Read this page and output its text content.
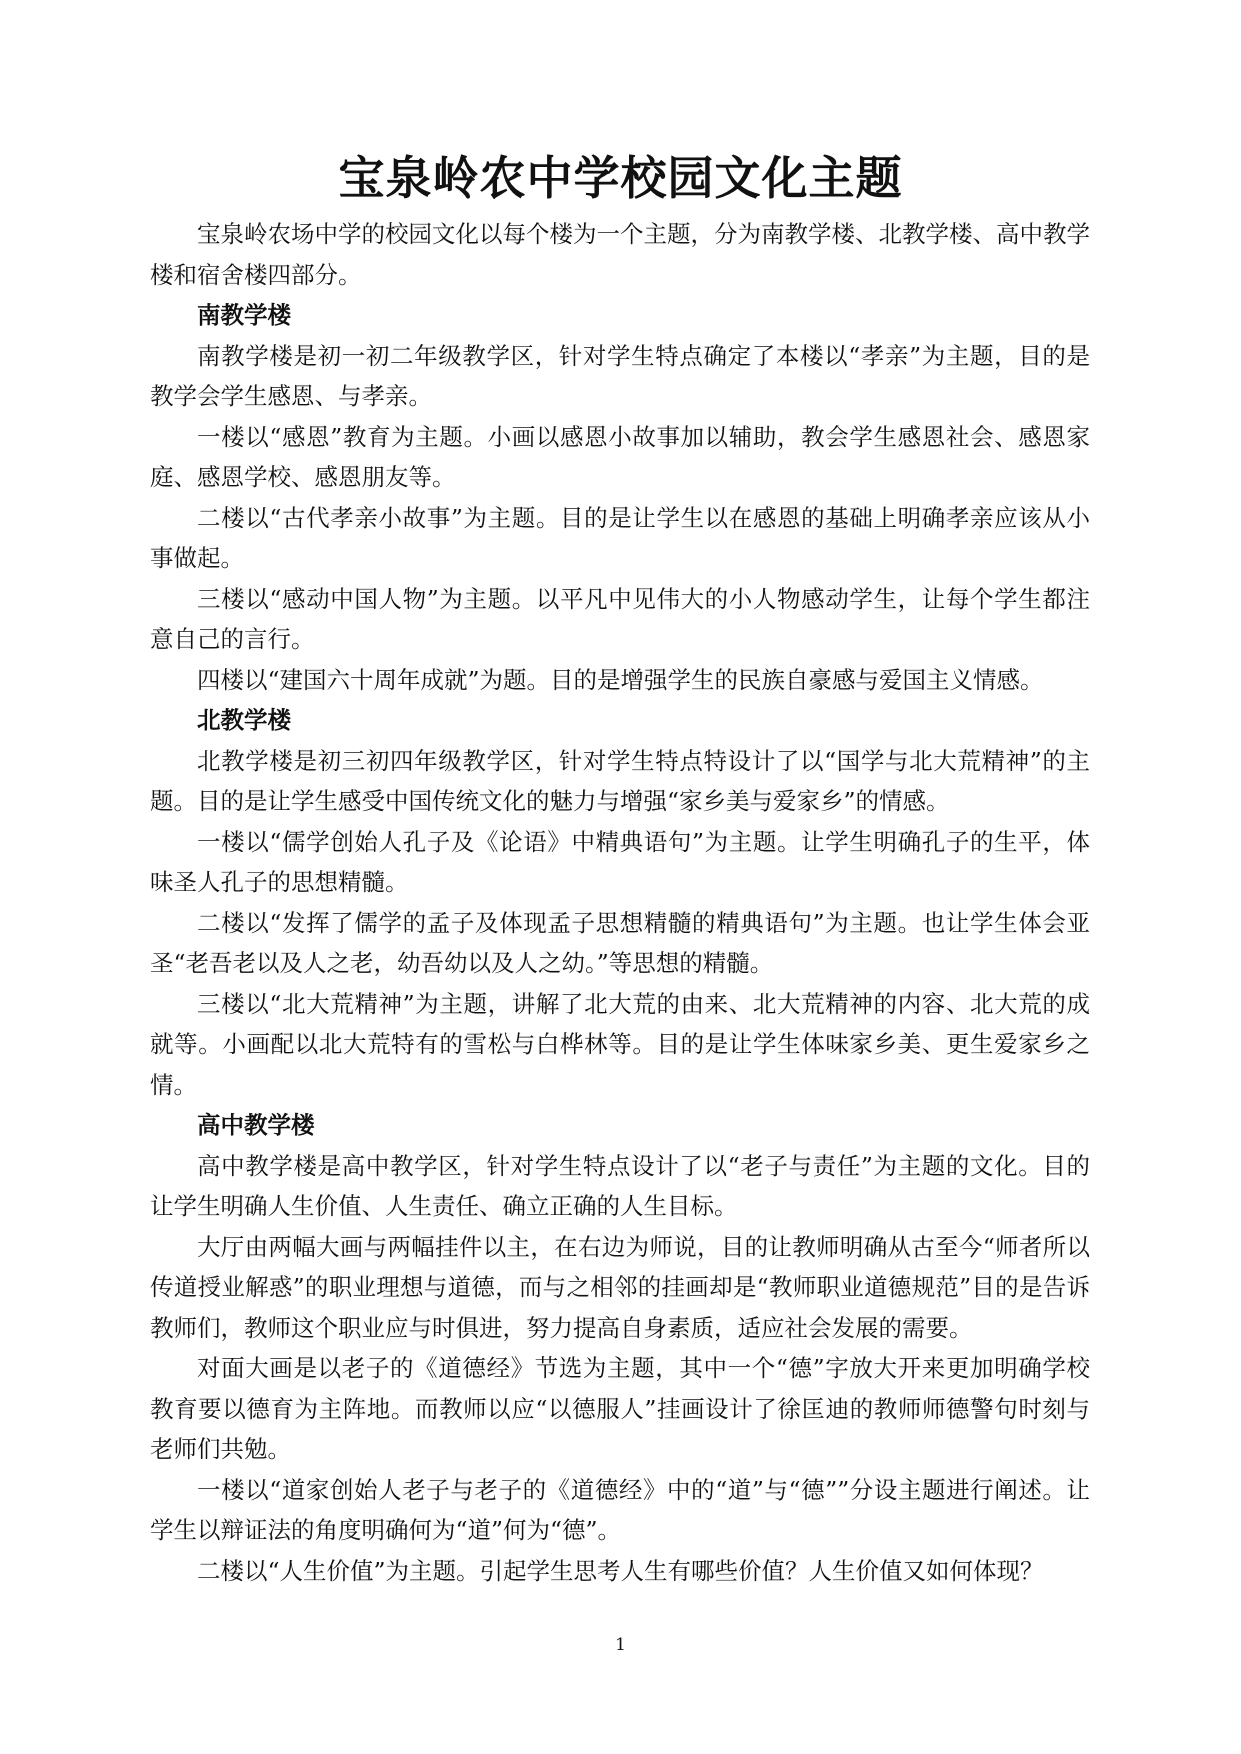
宝泉岭农中学校园文化主题

宝泉岭农场中学的校园文化以每个楼为一个主题，分为南教学楼、北教学楼、高中教学楼和宿舍楼四部分。

南教学楼

南教学楼是初一初二年级教学区，针对学生特点确定了本楼以“孝亲”为主题，目的是教学会学生感恩、与孝亲。

一楼以“感恩”教育为主题。小画以感恩小故事加以辅助，教会学生感恩社会、感恩家庭、感恩学校、感恩朋友等。

二楼以“古代孝亲小故事”为主题。目的是让学生以在感恩的基础上明确孝亲应该从小事做起。

三楼以“感动中国人物”为主题。以平凡中见伟大的小人物感动学生，让每个学生都注意自己的言行。

四楼以“建国六十周年成就”为题。目的是增强学生的民族自豪感与爱国主义情感。

北教学楼

北教学楼是初三初四年级教学区，针对学生特点特设计了以“国学与北大荒精神”的主题。目的是让学生感受中国传统文化的魅力与增强“家乡美与爱家乡”的情感。

一楼以“儒学创始人孔子及《论语》中精典语句”为主题。让学生明确孔子的生平，体味圣人孔子的思想精髓。

二楼以“发挥了儒学的孟子及体现孟子思想精髓的精典语句”为主题。也让学生体会亚圣“老吾老以及人之老，幼吾幼以及人之幼。”等思想的精髓。

三楼以“北大荒精神”为主题，讲解了北大荒的由来、北大荒精神的内容、北大荒的成就等。小画配以北大荒特有的雪松与白桦林等。目的是让学生体味家乡美、更生爱家乡之情。

高中教学楼

高中教学楼是高中教学区，针对学生特点设计了以“老子与责任”为主题的文化。目的让学生明确人生价值、人生责任、确立正确的人生目标。

大厅由两幅大画与两幅挂件以主，在右边为师说，目的让教师明确从古至今“师者所以传道授业解惑”的职业理想与道德，而与之相邻的挂画却是“教师职业道德规范”目的是告诉教师们，教师这个职业应与时俱进，努力提高自身素质，适应社会发展的需要。

对面大画是以老子的《道德经》节选为主题，其中一个“德”字放大开来更加明确学校教育要以德育为主阵地。而教师以应“以德服人”挂画设计了徐匡迪的教师师德警句时刻与老师们共勉。

一楼以“道家创始人老子与老子的《道德经》中的“道”与“德””分设主题进行阐述。让学生以辩证法的角度明确何为“道”何为“德”。

二楼以“人生价值”为主题。引起学生思考人生有哪些价值？人生价值又如何体现？

1
